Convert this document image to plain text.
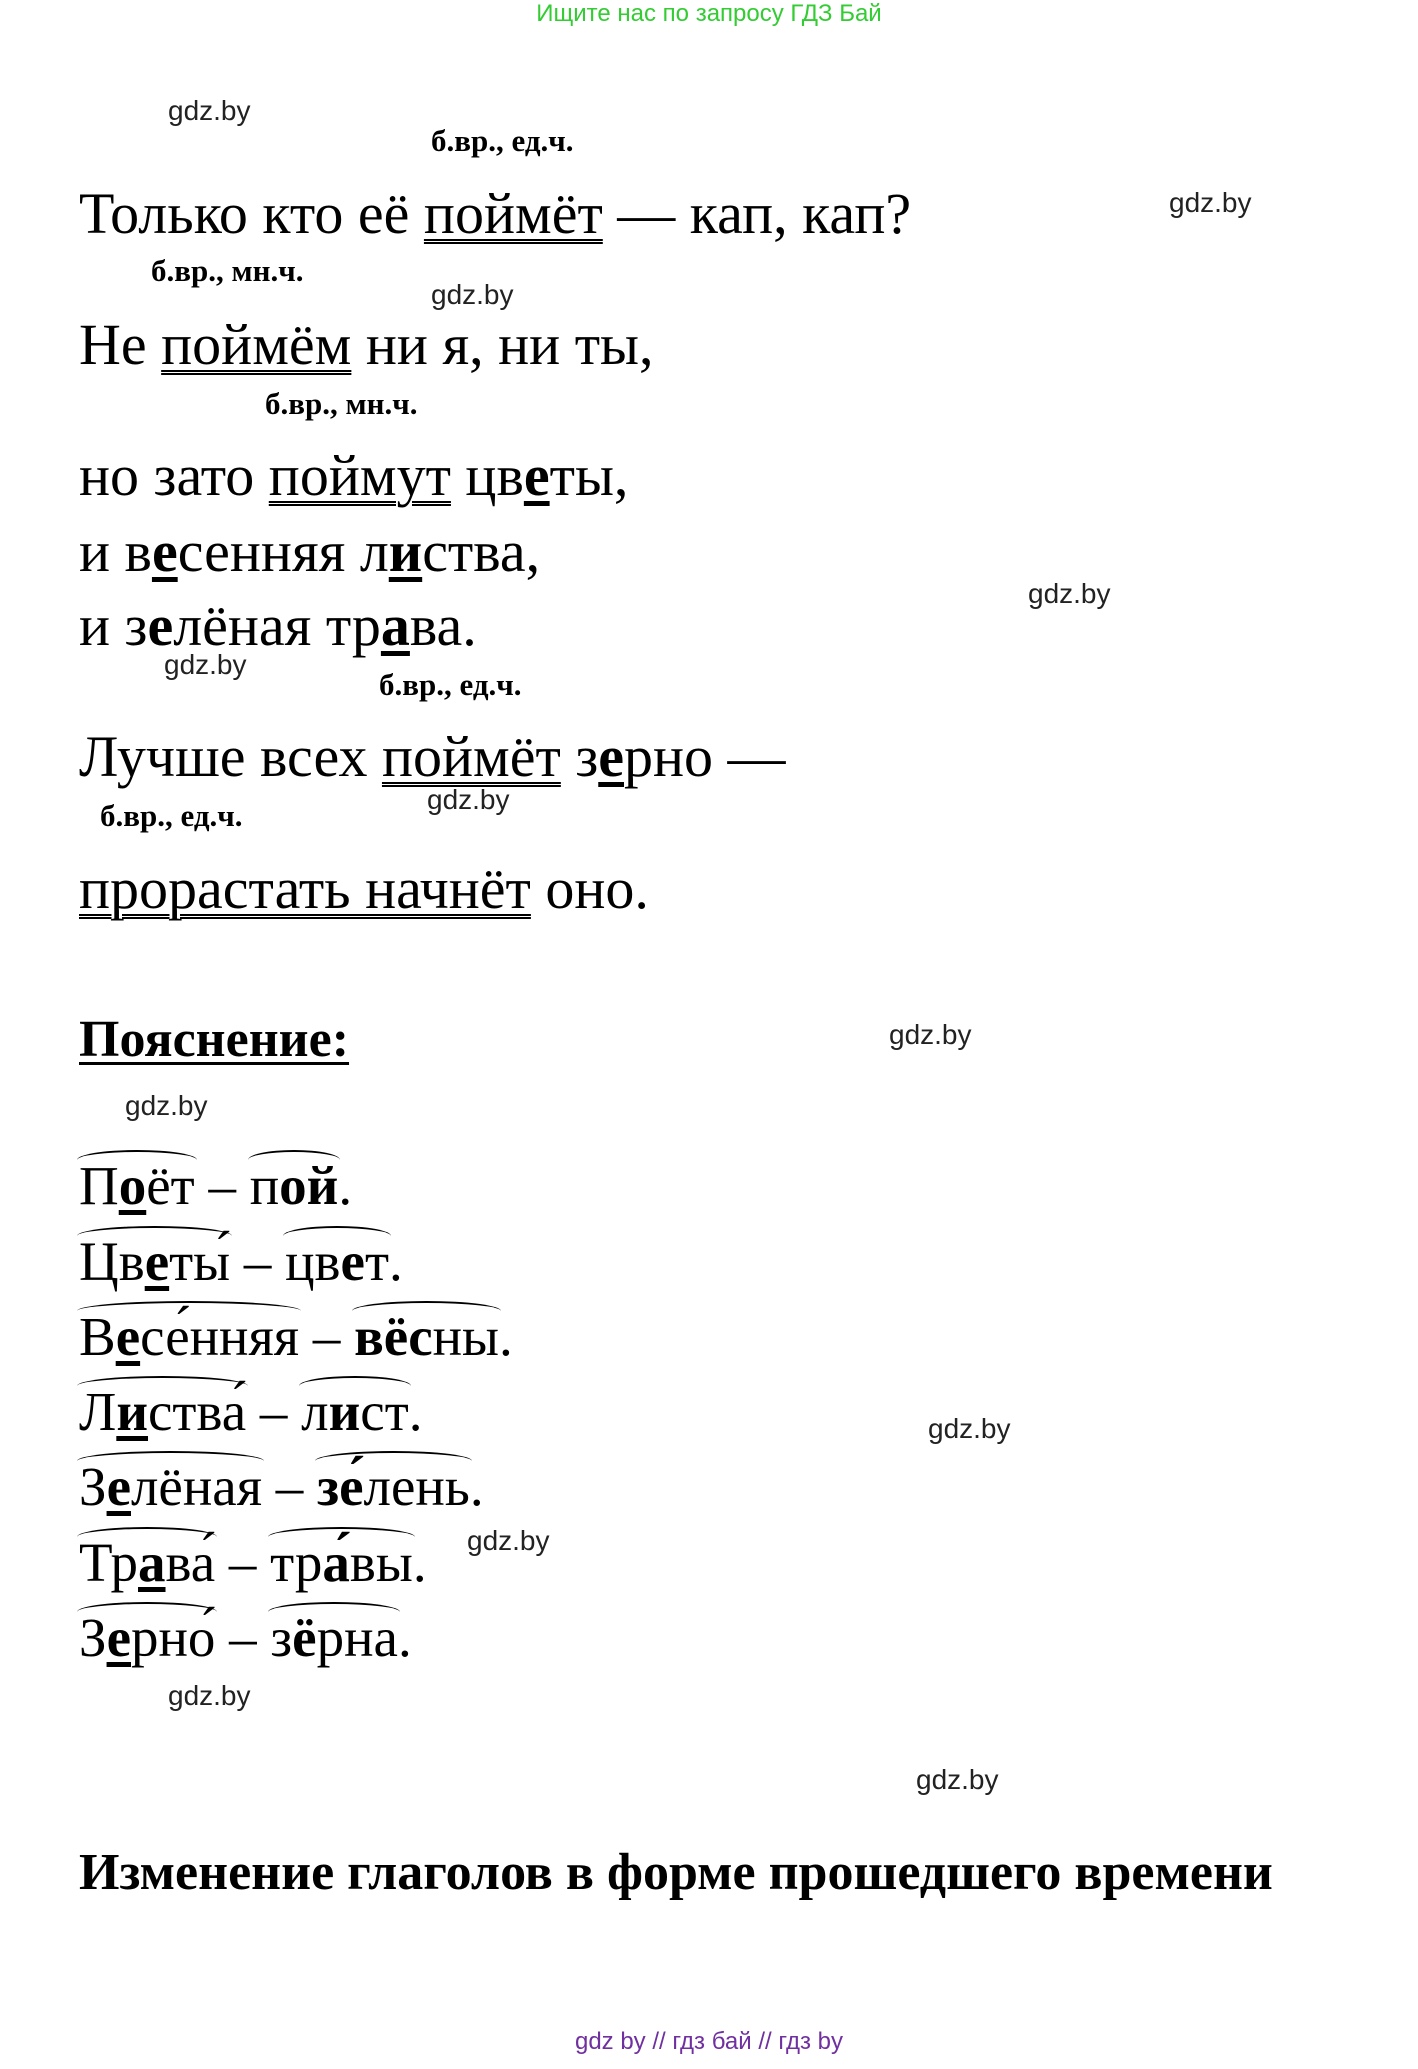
Ищите нас по запросу ГДЗ Бай
gdz.by
gdz.by
gdz.by
gdz.by
gdz.by
gdz.by
gdz.by
gdz.by
gdz.by
gdz.by
gdz.by
gdz.by
б.вр., ед.ч.
б.вр., мн.ч.
б.вр., мн.ч.
б.вр., ед.ч.
б.вр., ед.ч.
Только кто её поймёт — кап, кап?
Не поймём ни я, ни ты,
но зато поймут цветы,
и весенняя листва,
и зелёная трава.
Лучше всех поймёт зерно —
прорастать начнёт оно.
Пояснение:
Поёт – пой.
Цветы́ – цвет.
Весе́нняя – вёсны.
Листва́ – лист.
Зелёная – зе́лень.
Трава́ – тра́вы.
Зерно́ – зёрна.
Изменение глаголов в форме прошедшего времени
gdz by // гдз бай // гдз by
